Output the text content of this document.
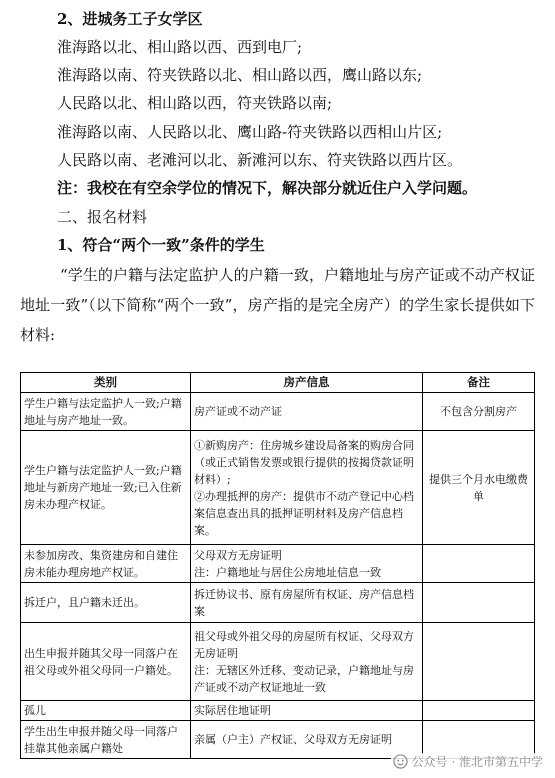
2、进城务工子女学区
淮海路以北、相山路以西、西到电厂;
淮海路以南、符夹铁路以北、相山路以西，鹰山路以东;
人民路以北、相山路以西，符夹铁路以南;
淮海路以南、人民路以北、鹰山路-符夹铁路以西相山片区;
人民路以南、老滩河以北、新滩河以东、符夹铁路以西片区。
注：我校在有空余学位的情况下，解决部分就近住户入学问题。
二、报名材料
1、符合“两个一致”条件的学生
“学生的户籍与法定监护人的户籍一致，户籍地址与房产证或不动产权证地址一致”（以下简称“两个一致”，房产指的是完全房产）的学生家长提供如下材料:
类别	房产信息	备注
学生户籍与法定监护人一致;户籍地址与房产地址一致。	房产证或不动产证	不包含分割房产
学生户籍与法定监护人一致;户籍地址与新房产地址一致;已入住新房未办理产权证。	①新购房产：住房城乡建设局备案的购房合同（或正式销售发票或银行提供的按揭贷款证明材料）;
②办理抵押的房产：提供市不动产登记中心档案信息查出具的抵押证明材料及房产信息档案。	提供三个月水电缴费单
未参加房改、集资建房和自建住房未能办理房地产权证。	父母双方无房证明
注：户籍地址与居住公房地址信息一致	

拆迁户，且户籍未迁出。	拆迁协议书、原有房屋所有权证、房产信息档案	
出生申报并随其父母一同落户在祖父母或外祖父母同一户籍处。	祖父母或外祖父母的房屋所有权证、父母双方无房证明
注：无辖区外迁移、变动记录，户籍地址与房产证或不动产权证地址一致	

孤儿	实际居住地证明	
学生出生申报并随父母一同落户挂靠其他亲属户籍处	亲属（户主）产权证、父母双方无房证明	
公众号 · 淮北市第五中学
